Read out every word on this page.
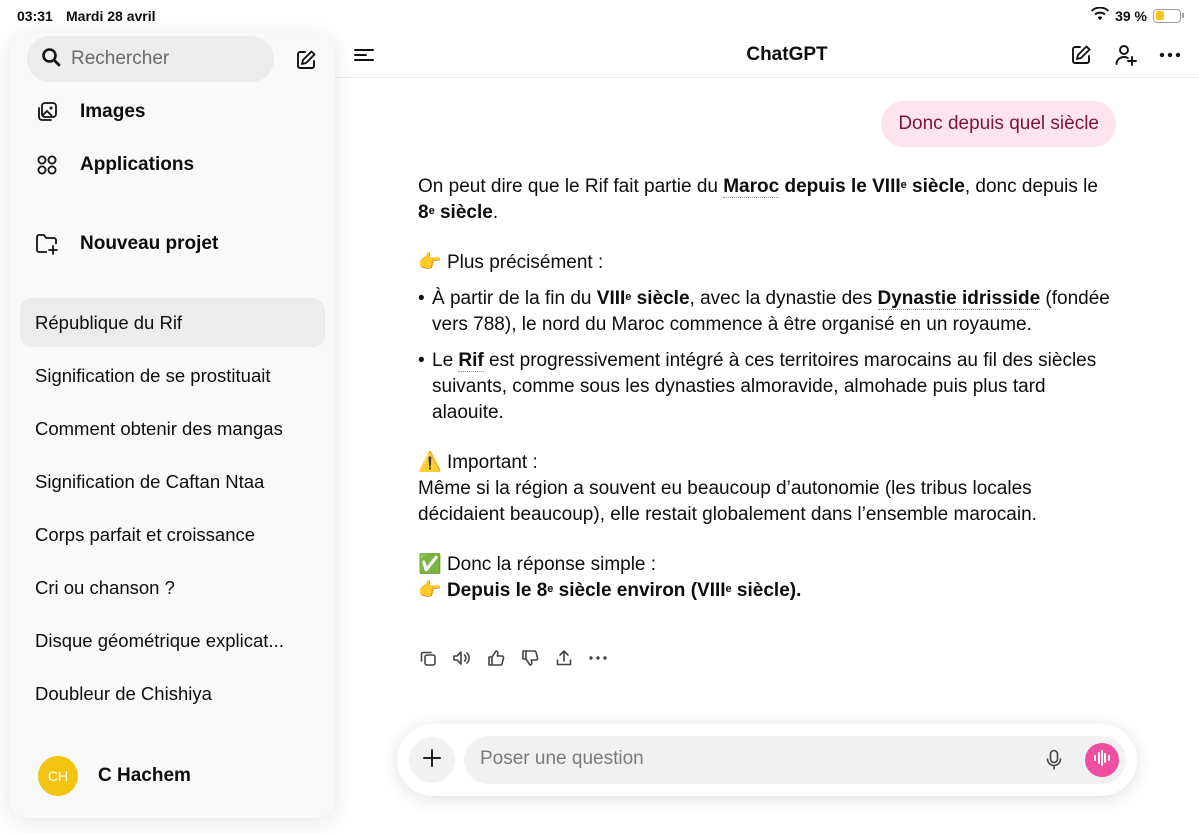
03:31 Mardi 28 avril	39 %
ChatGPT
Rechercher
Images
Applications
Nouveau projet
République du Rif
Signification de se prostituait
Comment obtenir des mangas
Signification de Caftan Ntaa
Corps parfait et croissance
Cri ou chanson ?
Disque géométrique explicat...
Doubleur de Chishiya
CH	C Hachem
Donc depuis quel siècle

On peut dire que le Rif fait partie du Maroc depuis le VIIIe siècle, donc depuis le 8e siècle.

👉 Plus précisément :

• À partir de la fin du VIIIe siècle, avec la dynastie des Dynastie idrisside (fondée vers 788), le nord du Maroc commence à être organisé en un royaume.
• Le Rif est progressivement intégré à ces territoires marocains au fil des siècles suivants, comme sous les dynasties almoravide, almohade puis plus tard alaouite.

⚠️ Important :

Même si la région a souvent eu beaucoup d’autonomie (les tribus locales décidaient beaucoup), elle restait globalement dans l’ensemble marocain.

✅ Donc la réponse simple :

👉 Depuis le 8e siècle environ (VIIIe siècle).

Poser une question
